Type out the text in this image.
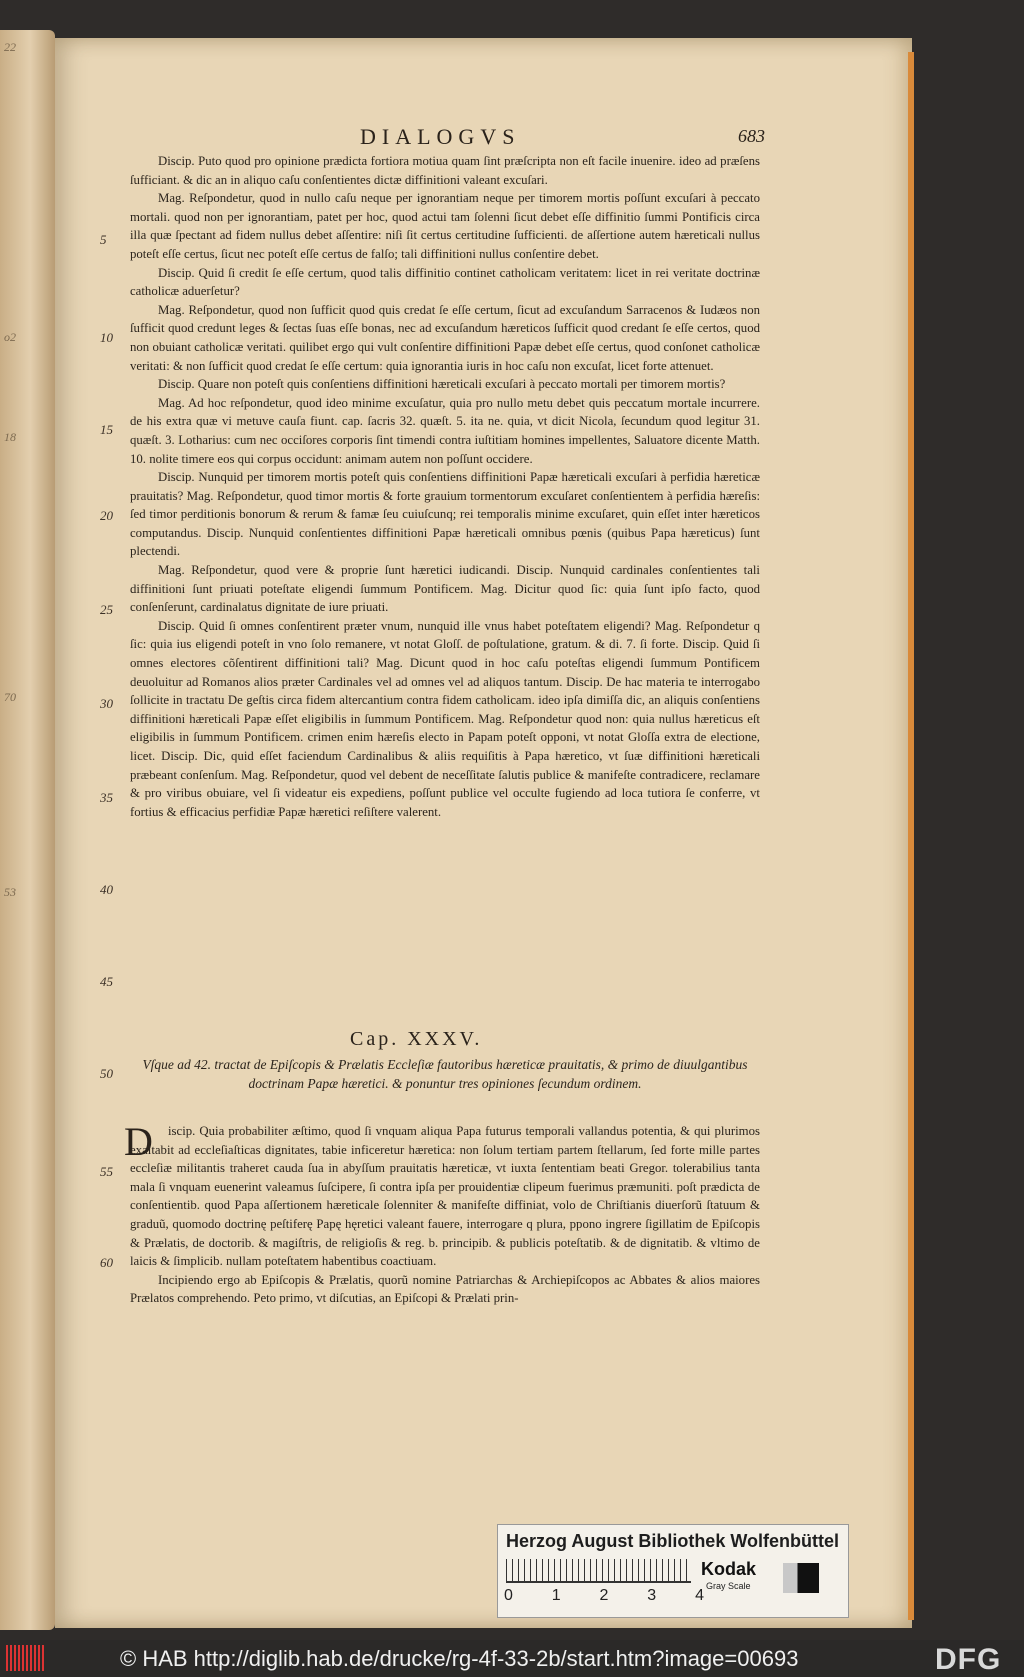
22
o2
18
70
53
DIALOGVS	683
5
10
15
20
25
30
35
40
45
50
55
60

Discip. Puto quod pro opinione prædicta fortiora motiua quam ſint præſcripta non eſt facile inuenire. ideo ad præſens ſufficiant. & dic an in aliquo caſu conſentientes dictæ diffinitioni valeant excuſari.

Mag. Reſpondetur, quod in nullo caſu neque per ignorantiam neque per timorem mortis poſſunt excuſari à peccato mortali. quod non per ignorantiam, patet per hoc, quod actui tam ſolenni ſicut debet eſſe diffinitio ſummi Pontificis circa illa quæ ſpectant ad fidem nullus debet aſſentire: niſi ſit certus certitudine ſufficienti. de aſſertione autem hæreticali nullus poteſt eſſe certus, ſicut nec poteſt eſſe certus de falſo; tali diffinitioni nullus conſentire debet.

Discip. Quid ſi credit ſe eſſe certum, quod talis diffinitio continet catholicam veritatem: licet in rei veritate doctrinæ catholicæ aduerſetur?

Mag. Reſpondetur, quod non ſufficit quod quis credat ſe eſſe certum, ſicut ad excuſandum Sarracenos & Iudæos non ſufficit quod credunt leges & ſectas ſuas eſſe bonas, nec ad excuſandum hæreticos ſufficit quod credant ſe eſſe certos, quod non obuiant catholicæ veritati. quilibet ergo qui vult conſentire diffinitioni Papæ debet eſſe certus, quod conſonet catholicæ veritati: & non ſufficit quod credat ſe eſſe certum: quia ignorantia iuris in hoc caſu non excuſat, licet forte attenuet.

Discip. Quare non poteſt quis conſentiens diffinitioni hæreticali excuſari à peccato mortali per timorem mortis?

Mag. Ad hoc reſpondetur, quod ideo minime excuſatur, quia pro nullo metu debet quis peccatum mortale incurrere. de his extra quæ vi metuve cauſa fiunt. cap. ſacris 32. quæſt. 5. ita ne. quia, vt dicit Nicola, ſecundum quod legitur 31. quæſt. 3. Lotharius: cum nec occiſores corporis ſint timendi contra iuſtitiam homines impellentes, Saluatore dicente Matth. 10. nolite timere eos qui corpus occidunt: animam autem non poſſunt occidere.

Discip. Nunquid per timorem mortis poteſt quis conſentiens diffinitioni Papæ hæreticali excuſari à perfidia hæreticæ prauitatis? Mag. Reſpondetur, quod timor mortis & forte grauium tormentorum excuſaret conſentientem à perfidia hæreſis: ſed timor perditionis bonorum & rerum & famæ ſeu cuiuſcunq; rei temporalis minime excuſaret, quin eſſet inter hæreticos computandus. Discip. Nunquid conſentientes diffinitioni Papæ hæreticali omnibus pœnis (quibus Papa hæreticus) ſunt plectendi.

Mag. Reſpondetur, quod vere & proprie ſunt hæretici iudicandi. Discip. Nunquid cardinales conſentientes tali diffinitioni ſunt priuati poteſtate eligendi ſummum Pontificem. Mag. Dicitur quod ſic: quia ſunt ipſo facto, quod conſenſerunt, cardinalatus dignitate de iure priuati.

Discip. Quid ſi omnes conſentirent præter vnum, nunquid ille vnus habet poteſtatem eligendi? Mag. Reſpondetur q ſic: quia ius eligendi poteſt in vno ſolo remanere, vt notat Gloſſ. de poſtulatione, gratum. & di. 7. ſi forte. Discip. Quid ſi omnes electores cõſentirent diffinitioni tali? Mag. Dicunt quod in hoc caſu poteſtas eligendi ſummum Pontificem deuoluitur ad Romanos alios præter Cardinales vel ad omnes vel ad aliquos tantum. Discip. De hac materia te interrogabo ſollicite in tractatu De geſtis circa fidem altercantium contra fidem catholicam. ideo ipſa dimiſſa dic, an aliquis conſentiens diffinitioni hæreticali Papæ eſſet eligibilis in ſummum Pontificem. Mag. Reſpondetur quod non: quia nullus hæreticus eſt eligibilis in ſummum Pontificem. crimen enim hæreſis electo in Papam poteſt opponi, vt notat Gloſſa extra de electione, licet. Discip. Dic, quid eſſet faciendum Cardinalibus & aliis requiſitis à Papa hæretico, vt ſuæ diffinitioni hæreticali præbeant conſenſum. Mag. Reſpondetur, quod vel debent de neceſſitate ſalutis publice & manifeſte contradicere, reclamare & pro viribus obuiare, vel ſi videatur eis expediens, poſſunt publice vel occulte fugiendo ad loca tutiora ſe conferre, vt fortius & efficacius perfidiæ Papæ hæretici reſiſtere valerent.

Cap. XXXV.
Vſque ad 42. tractat de Epiſcopis & Prælatis Eccleſiæ fautoribus hæreticæ prauitatis, & primo de diuulgantibus doctrinam Papæ hæretici. & ponuntur tres opiniones ſecundum ordinem.
D	iscip. Quia probabiliter æſtimo, quod ſi vnquam aliqua Papa futurus temporali vallandus potentia, & qui plurimos exaltabit ad eccleſiaſticas dignitates, tabie inficeretur hæretica: non ſolum tertiam partem ſtellarum, ſed forte mille partes eccleſiæ militantis traheret cauda ſua in abyſſum prauitatis hæreticæ, vt iuxta ſententiam beati Gregor. tolerabilius tanta mala ſi vnquam euenerint valeamus ſuſcipere, ſi contra ipſa per prouidentiæ clipeum fuerimus præmuniti. poſt prædicta de conſentientib. quod Papa aſſertionem hæreticale ſolenniter & manifeſte diffiniat, volo de Chriſtianis diuerſorũ ſtatuum & graduũ, quomodo doctrinę peſtiferę Papę hęretici valeant fauere, interrogare q plura, ppono ingrere ſigillatim de Epiſcopis & Prælatis, de doctorib. & magiſtris, de religioſis & reg. b. principib. & publicis poteſtatib. & de dignitatib. & vltimo de laicis & ſimplicib. nullam poteſtatem habentibus coactiuam.

Incipiendo ergo ab Epiſcopis & Prælatis, quorũ nomine Patriarchas & Archiepiſcopos ac Abbates & alios maiores Prælatos comprehendo. Peto primo, vt diſcutias, an Epiſcopi & Prælati prin-

Herzog August Bibliothek Wolfenbüttel
0 1 2 3 4
Kodak
Gray Scale
© HAB http://diglib.hab.de/drucke/rg-4f-33-2b/start.htm?image=00693	DFG
